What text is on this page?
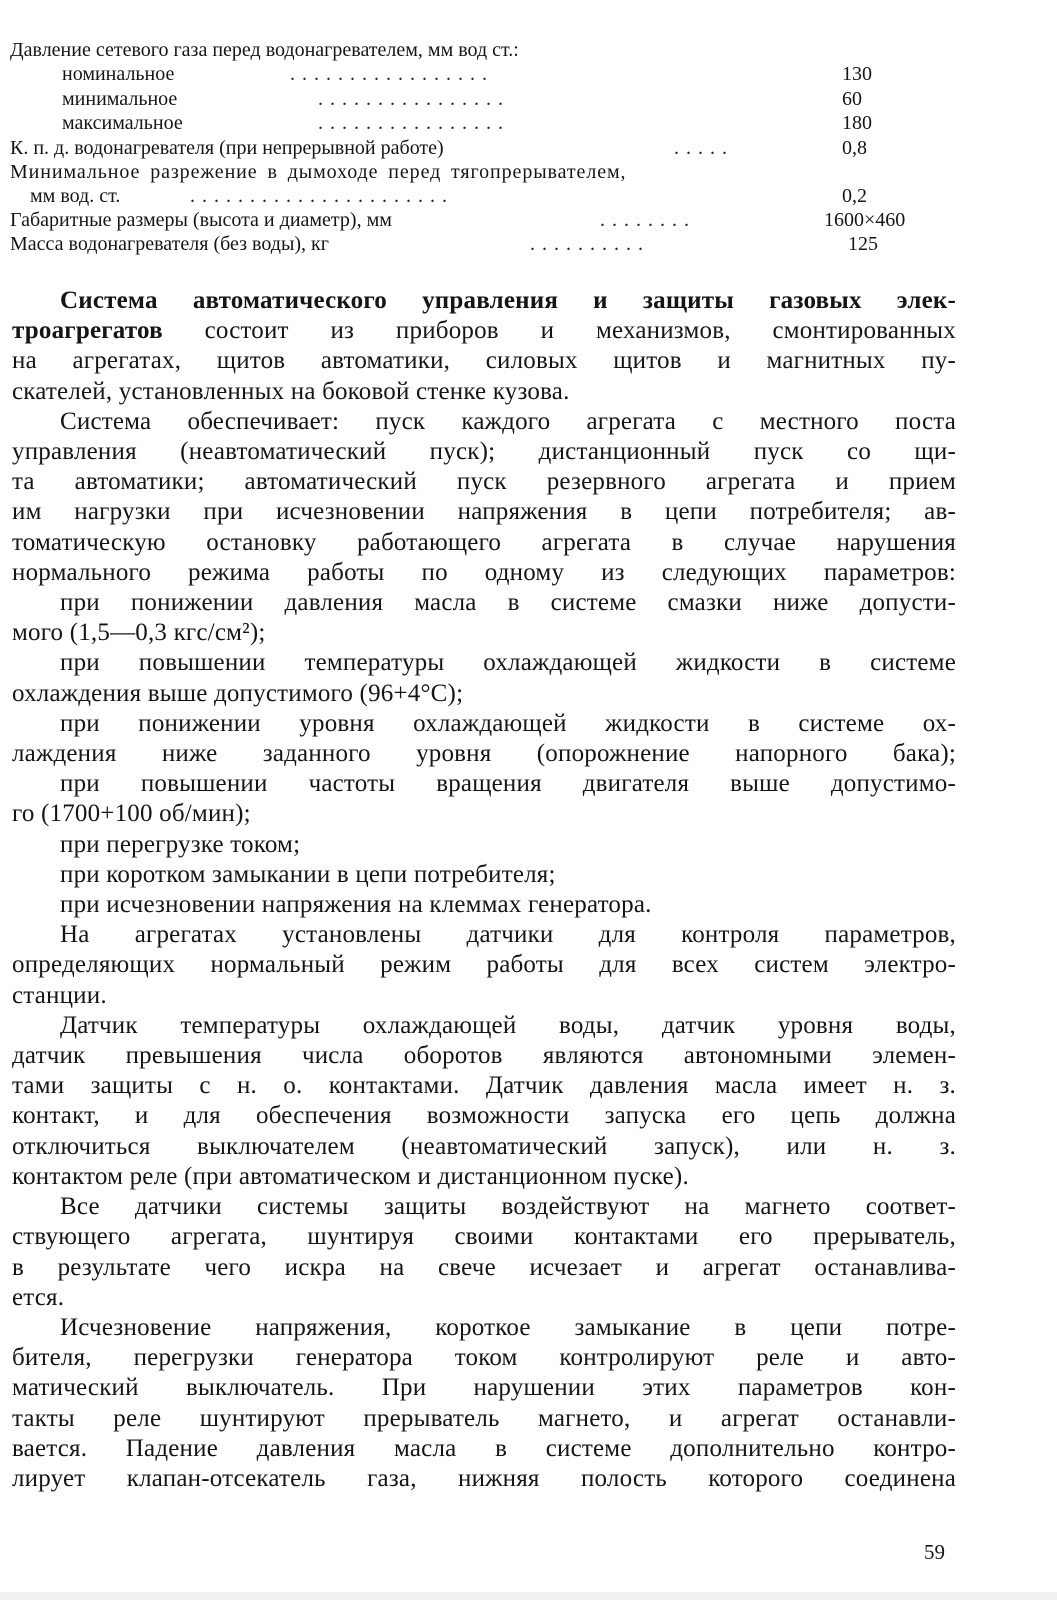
Давление сетевого газа перед водонагревателем, мм вод ст.:
номинальное	.................	130
минимальное	................	60
максимальное	................	180
К. п. д. водонагревателя (при непрерывной работе)	.....	0,8
Минимальное разрежение в дымоходе перед тягопрерывателем,
мм вод. ст.	......................	0,2
Габаритные размеры (высота и диаметр), мм	........	1600×460
Масса водонагревателя (без воды), кг	..........	125
Система автоматического управления и защиты газовых элек-
троагрегатов состоит из приборов и механизмов, смонтированных
на агрегатах, щитов автоматики, силовых щитов и магнитных пу-
скателей, установленных на боковой стенке кузова.
Система обеспечивает: пуск каждого агрегата с местного поста
управления (неавтоматический пуск); дистанционный пуск со щи-
та автоматики; автоматический пуск резервного агрегата и прием
им нагрузки при исчезновении напряжения в цепи потребителя; ав-
томатическую остановку работающего агрегата в случае нарушения
нормального режима работы по одному из следующих параметров:
при понижении давления масла в системе смазки ниже допусти-
мого (1,5—0,3 кгс/см²);
при повышении температуры охлаждающей жидкости в системе
охлаждения выше допустимого (96+4°С);
при понижении уровня охлаждающей жидкости в системе ох-
лаждения ниже заданного уровня (опорожнение напорного бака);
при повышении частоты вращения двигателя выше допустимо-
го (1700+100 об/мин);
при перегрузке током;
при коротком замыкании в цепи потребителя;
при исчезновении напряжения на клеммах генератора.
На агрегатах установлены датчики для контроля параметров,
определяющих нормальный режим работы для всех систем электро-
станции.
Датчик температуры охлаждающей воды, датчик уровня воды,
датчик превышения числа оборотов являются автономными элемен-
тами защиты с н. о. контактами. Датчик давления масла имеет н. з.
контакт, и для обеспечения возможности запуска его цепь должна
отключиться выключателем (неавтоматический запуск), или н. з.
контактом реле (при автоматическом и дистанционном пуске).
Все датчики системы защиты воздействуют на магнето соответ-
ствующего агрегата, шунтируя своими контактами его прерыватель,
в результате чего искра на свече исчезает и агрегат останавлива-
ется.
Исчезновение напряжения, короткое замыкание в цепи потре-
бителя, перегрузки генератора током контролируют реле и авто-
матический выключатель. При нарушении этих параметров кон-
такты реле шунтируют прерыватель магнето, и агрегат останавли-
вается. Падение давления масла в системе дополнительно контро-
лирует клапан-отсекатель газа, нижняя полость которого соединена
59
